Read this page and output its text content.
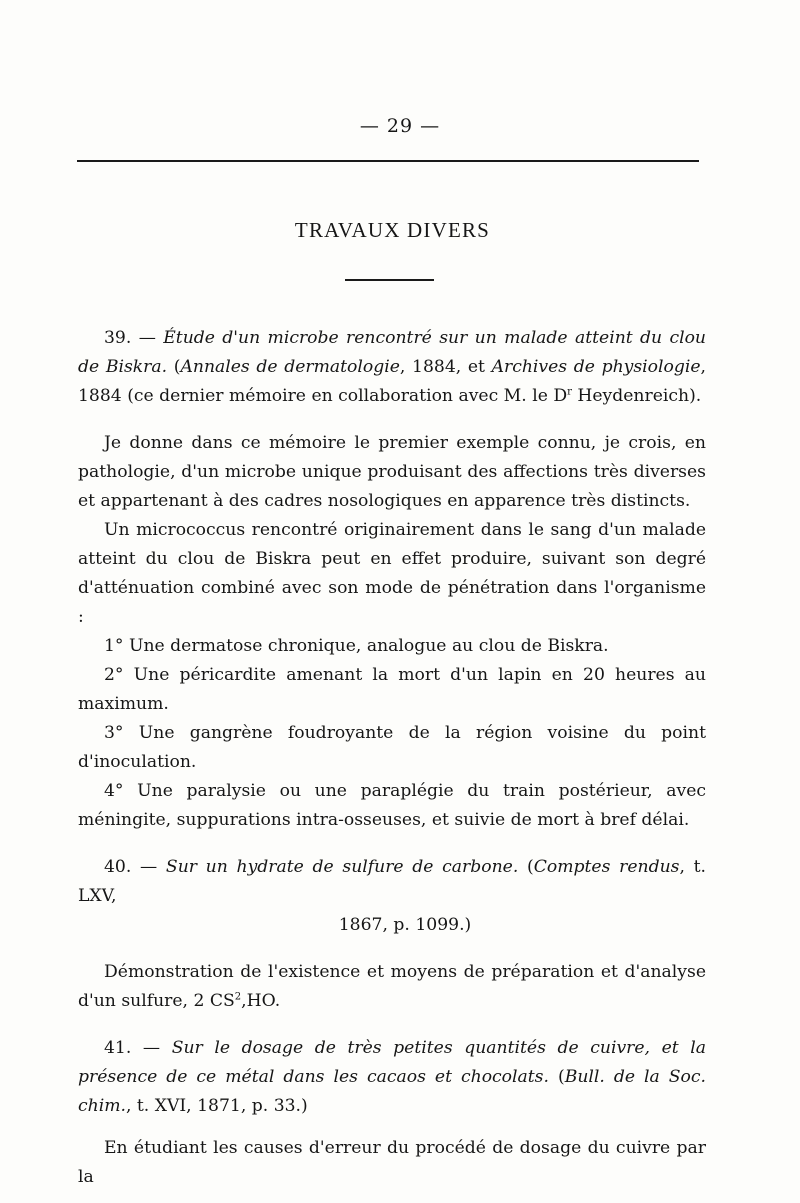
— 29 —
TRAVAUX DIVERS

39. — Étude d'un microbe rencontré sur un malade atteint du clou de Biskra. (Annales de dermatologie, 1884, et Archives de physiologie, 1884 (ce dernier mémoire en collaboration avec M. le $D^r$ Heydenreich).

Je donne dans ce mémoire le premier exemple connu, je crois, en pathologie, d'un microbe unique produisant des affections très diverses et appartenant à des cadres nosologiques en apparence très distincts.

Un micrococcus rencontré originairement dans le sang d'un malade atteint du clou de Biskra peut en effet produire, suivant son degré d'atténuation combiné avec son mode de pénétration dans l'organisme :

1° Une dermatose chronique, analogue au clou de Biskra.

2° Une péricardite amenant la mort d'un lapin en 20 heures au maximum.

3° Une gangrène foudroyante de la région voisine du point d'inoculation.

4° Une paralysie ou une paraplégie du train postérieur, avec méningite, suppurations intra-osseuses, et suivie de mort à bref délai.

40. — Sur un hydrate de sulfure de carbone. (Comptes rendus, t. LXV,
1867, p. 1099.)

Démonstration de l'existence et moyens de préparation et d'analyse d'un sulfure, 2 $CS^2,HO$.

41. — Sur le dosage de très petites quantités de cuivre, et la présence de ce métal dans les cacaos et chocolats. (Bull. de la Soc. chim., t. XVI, 1871, p. 33.)

En étudiant les causes d'erreur du procédé de dosage du cuivre par la
